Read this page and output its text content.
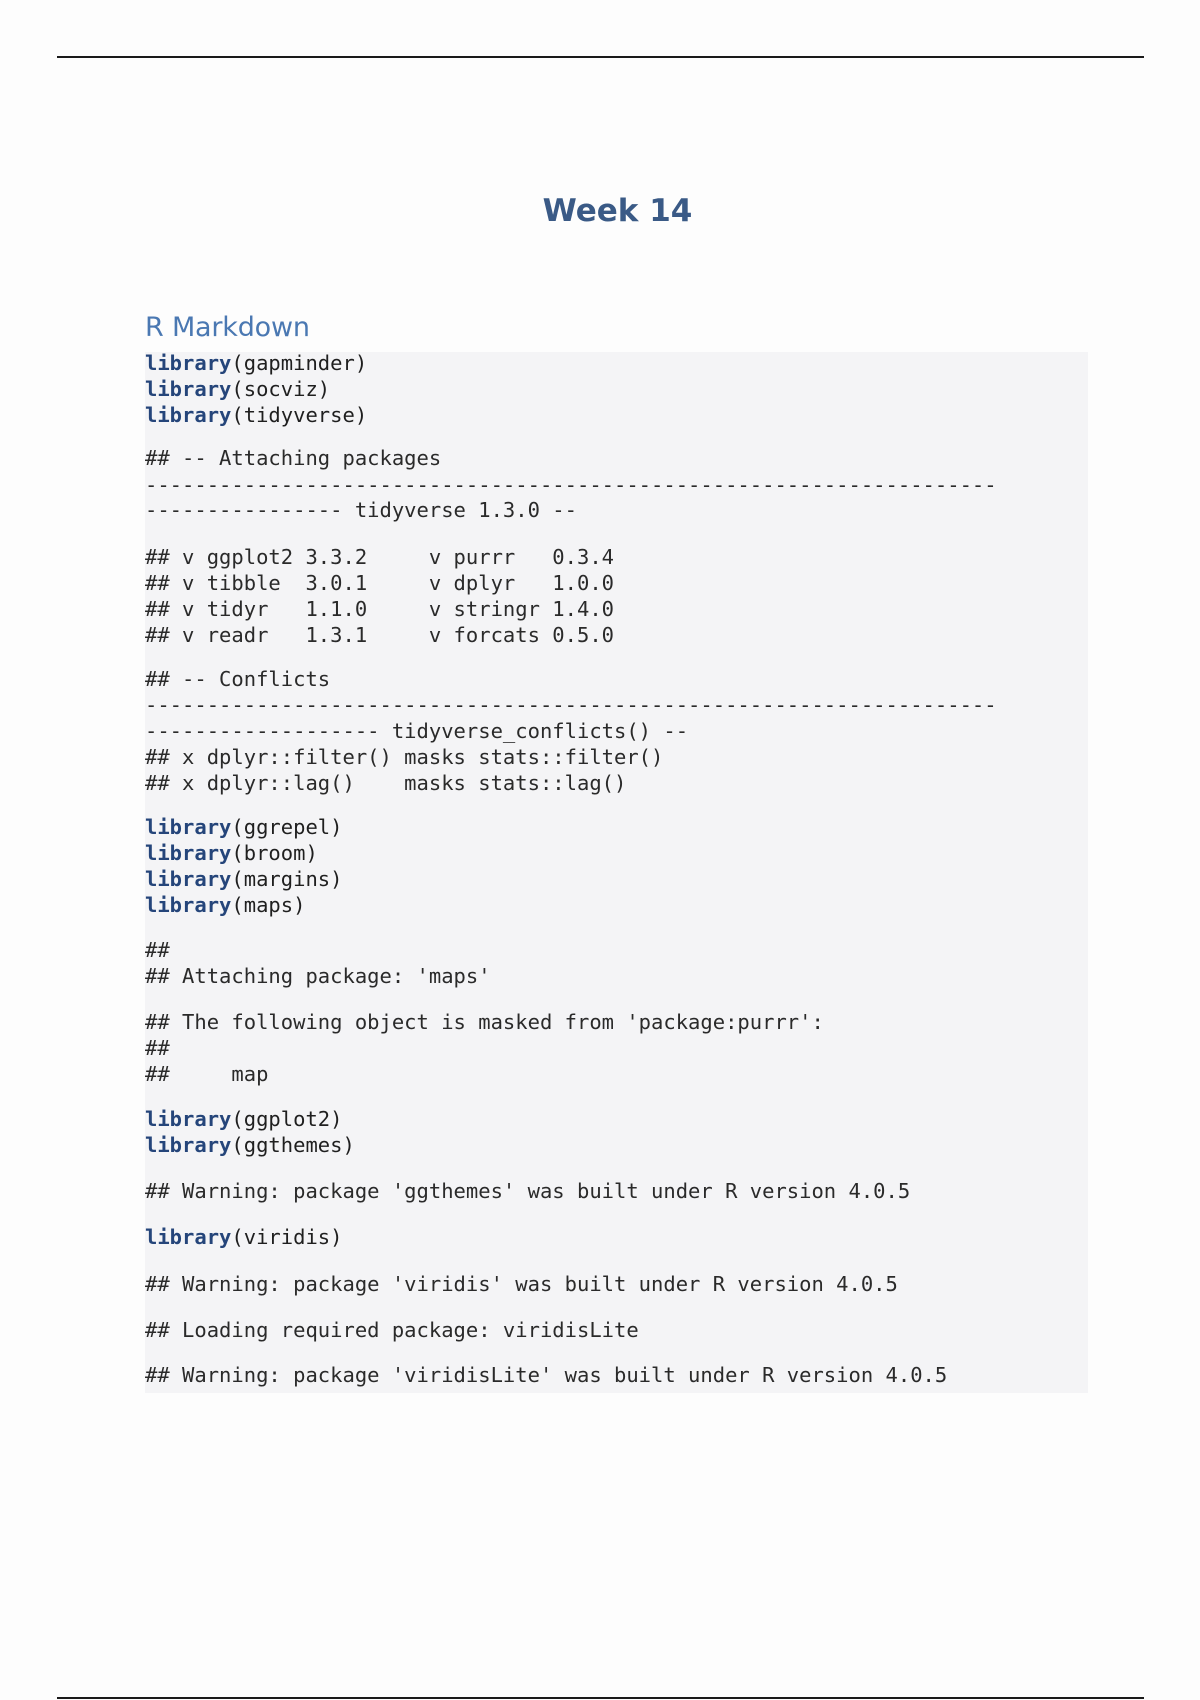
Week 14
R Markdown
library(gapminder)
library(socviz)
library(tidyverse)
## -- Attaching packages
---------------------------------------------------------------------
---------------- tidyverse 1.3.0 --
## v ggplot2 3.3.2     v purrr   0.3.4
## v tibble  3.0.1     v dplyr   1.0.0
## v tidyr   1.1.0     v stringr 1.4.0
## v readr   1.3.1     v forcats 0.5.0
## -- Conflicts
---------------------------------------------------------------------
------------------- tidyverse_conflicts() --
## x dplyr::filter() masks stats::filter()
## x dplyr::lag()    masks stats::lag()
library(ggrepel)
library(broom)
library(margins)
library(maps)
##
## Attaching package: 'maps'
## The following object is masked from 'package:purrr':
##
##     map
library(ggplot2)
library(ggthemes)
## Warning: package 'ggthemes' was built under R version 4.0.5
library(viridis)
## Warning: package 'viridis' was built under R version 4.0.5
## Loading required package: viridisLite
## Warning: package 'viridisLite' was built under R version 4.0.5
